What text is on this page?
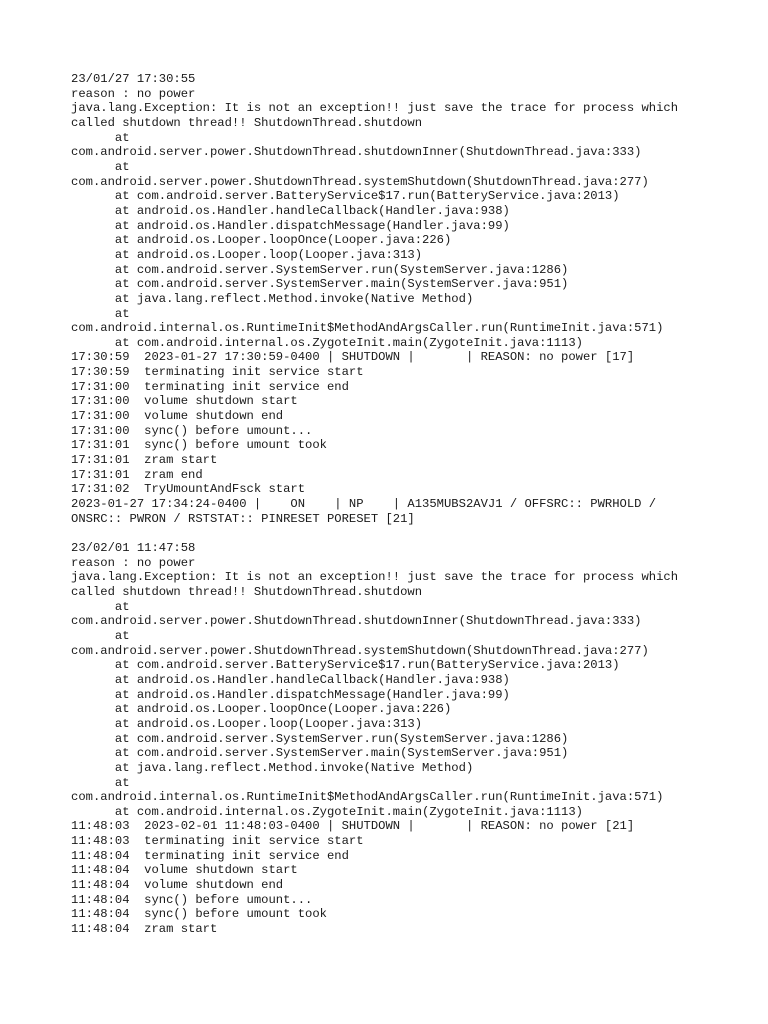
23/01/27 17:30:55
reason : no power
java.lang.Exception: It is not an exception!! just save the trace for process which
called shutdown thread!! ShutdownThread.shutdown
at
com.android.server.power.ShutdownThread.shutdownInner(ShutdownThread.java:333)
at
com.android.server.power.ShutdownThread.systemShutdown(ShutdownThread.java:277)
at com.android.server.BatteryService$17.run(BatteryService.java:2013)
at android.os.Handler.handleCallback(Handler.java:938)
at android.os.Handler.dispatchMessage(Handler.java:99)
at android.os.Looper.loopOnce(Looper.java:226)
at android.os.Looper.loop(Looper.java:313)
at com.android.server.SystemServer.run(SystemServer.java:1286)
at com.android.server.SystemServer.main(SystemServer.java:951)
at java.lang.reflect.Method.invoke(Native Method)
at
com.android.internal.os.RuntimeInit$MethodAndArgsCaller.run(RuntimeInit.java:571)
at com.android.internal.os.ZygoteInit.main(ZygoteInit.java:1113)
17:30:59  2023-01-27 17:30:59-0400 | SHUTDOWN |       | REASON: no power [17]
17:30:59  terminating init service start
17:31:00  terminating init service end
17:31:00  volume shutdown start
17:31:00  volume shutdown end
17:31:00  sync() before umount...
17:31:01  sync() before umount took
17:31:01  zram start
17:31:01  zram end
17:31:02  TryUmountAndFsck start
2023-01-27 17:34:24-0400 |    ON    | NP    | A135MUBS2AVJ1 / OFFSRC:: PWRHOLD /
ONSRC:: PWRON / RSTSTAT:: PINRESET PORESET [21]
23/02/01 11:47:58
reason : no power
java.lang.Exception: It is not an exception!! just save the trace for process which
called shutdown thread!! ShutdownThread.shutdown
at
com.android.server.power.ShutdownThread.shutdownInner(ShutdownThread.java:333)
at
com.android.server.power.ShutdownThread.systemShutdown(ShutdownThread.java:277)
at com.android.server.BatteryService$17.run(BatteryService.java:2013)
at android.os.Handler.handleCallback(Handler.java:938)
at android.os.Handler.dispatchMessage(Handler.java:99)
at android.os.Looper.loopOnce(Looper.java:226)
at android.os.Looper.loop(Looper.java:313)
at com.android.server.SystemServer.run(SystemServer.java:1286)
at com.android.server.SystemServer.main(SystemServer.java:951)
at java.lang.reflect.Method.invoke(Native Method)
at
com.android.internal.os.RuntimeInit$MethodAndArgsCaller.run(RuntimeInit.java:571)
at com.android.internal.os.ZygoteInit.main(ZygoteInit.java:1113)
11:48:03  2023-02-01 11:48:03-0400 | SHUTDOWN |       | REASON: no power [21]
11:48:03  terminating init service start
11:48:04  terminating init service end
11:48:04  volume shutdown start
11:48:04  volume shutdown end
11:48:04  sync() before umount...
11:48:04  sync() before umount took
11:48:04  zram start
